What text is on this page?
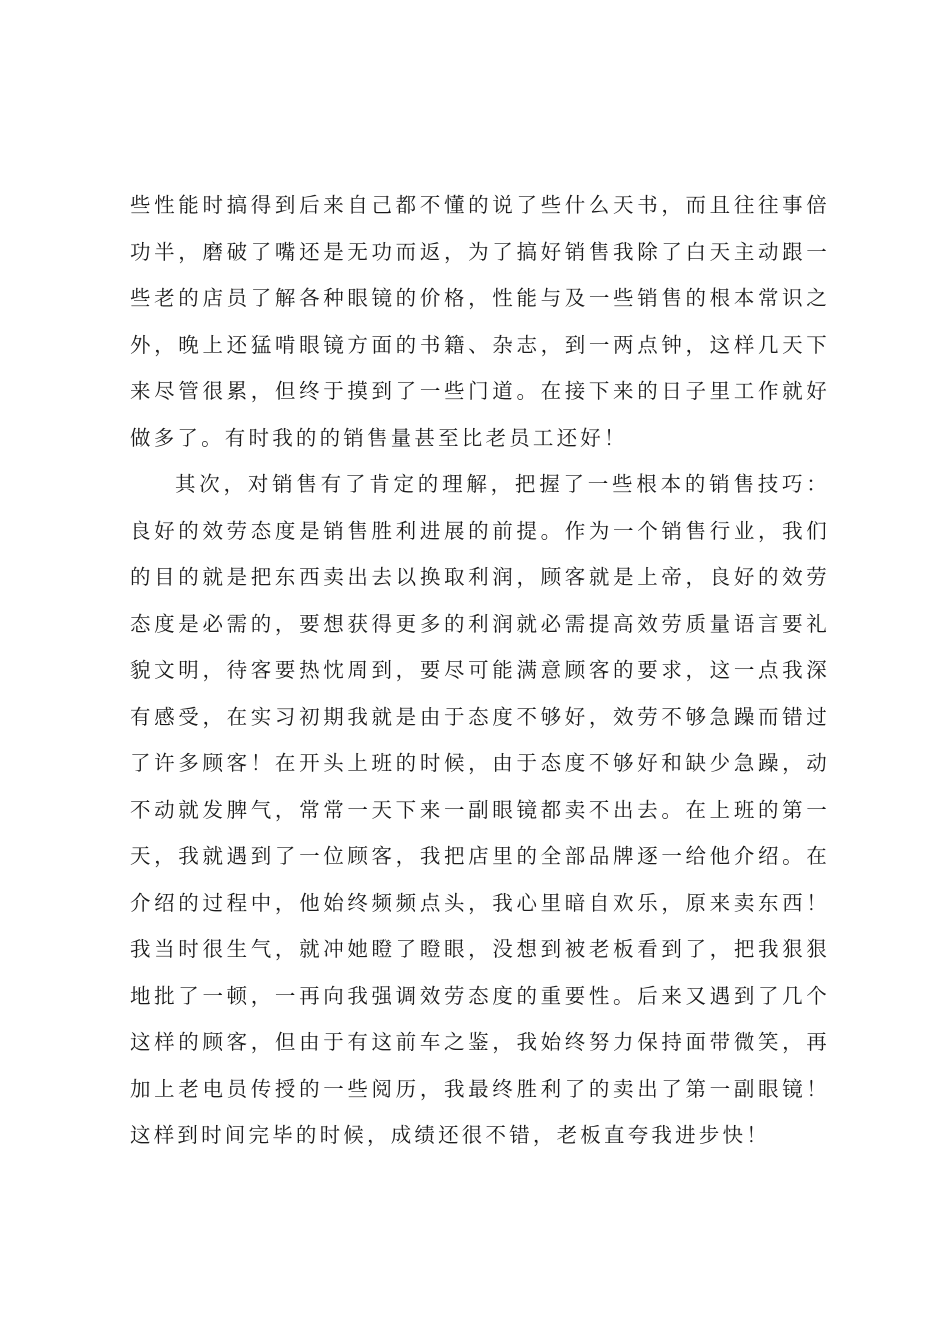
些性能时搞得到后来自己都不懂的说了些什么天书，而且往往事倍功半，磨破了嘴还是无功而返，为了搞好销售我除了白天主动跟一些老的店员了解各种眼镜的价格，性能与及一些销售的根本常识之外，晚上还猛啃眼镜方面的书籍、杂志，到一两点钟，这样几天下来尽管很累，但终于摸到了一些门道。在接下来的日子里工作就好做多了。有时我的的销售量甚至比老员工还好！

其次，对销售有了肯定的理解，把握了一些根本的销售技巧：良好的效劳态度是销售胜利进展的前提。作为一个销售行业，我们的目的就是把东西卖出去以换取利润，顾客就是上帝，良好的效劳态度是必需的，要想获得更多的利润就必需提高效劳质量语言要礼貌文明，待客要热忱周到，要尽可能满意顾客的要求，这一点我深有感受，在实习初期我就是由于态度不够好，效劳不够急躁而错过了许多顾客！在开头上班的时候，由于态度不够好和缺少急躁，动不动就发脾气，常常一天下来一副眼镜都卖不出去。在上班的第一天，我就遇到了一位顾客，我把店里的全部品牌逐一给他介绍。在介绍的过程中，他始终频频点头，我心里暗自欢乐，原来卖东西！我当时很生气，就冲她瞪了瞪眼，没想到被老板看到了，把我狠狠地批了一顿，一再向我强调效劳态度的重要性。后来又遇到了几个这样的顾客，但由于有这前车之鉴，我始终努力保持面带微笑，再加上老电员传授的一些阅历，我最终胜利了的卖出了第一副眼镜！这样到时间完毕的时候，成绩还很不错，老板直夸我进步快！
